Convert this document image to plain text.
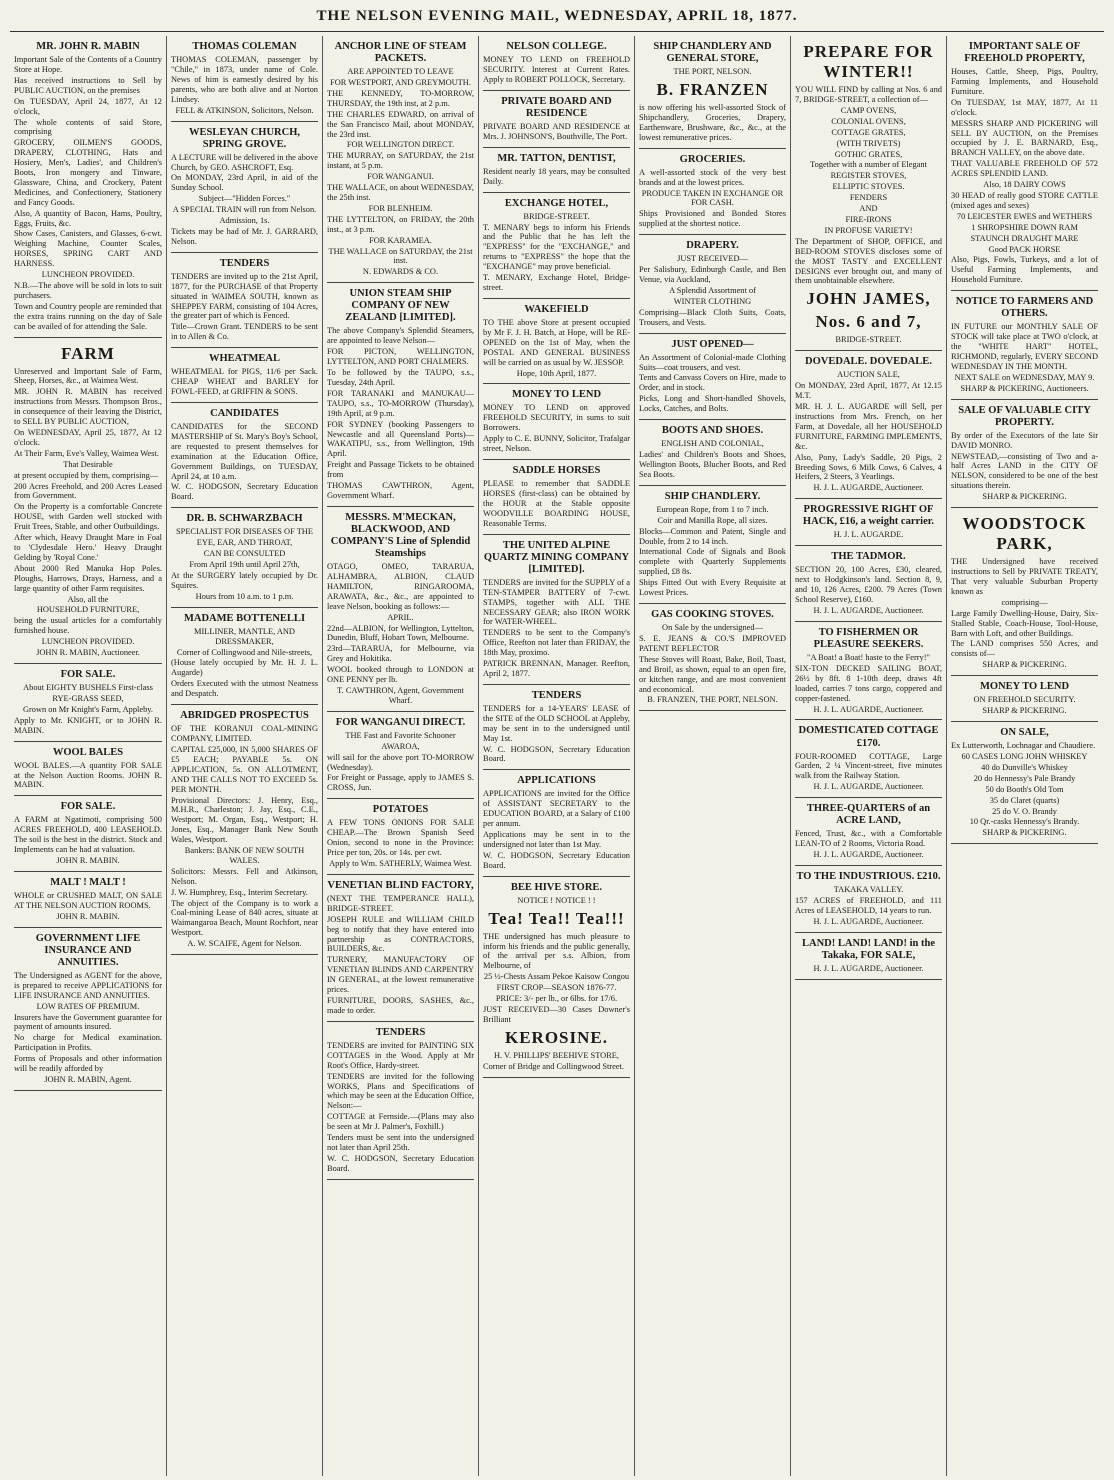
THE NELSON EVENING MAIL, WEDNESDAY, APRIL 18, 1877.
MR. JOHN R. MABIN

Important Sale of the Contents of a Country Store at Hope.

Has received instructions to Sell by PUBLIC AUCTION, on the premises

On TUESDAY, April 24, 1877, At 12 o'clock,

The whole contents of said Store, comprising

GROCERY, OILMEN'S GOODS, DRAPERY, CLOTHING, Hats and Hosiery, Men's, Ladies', and Children's Boots, Iron mongery and Tinware, Glassware, China, and Crockery, Patent Medicines, and Confectionery, Stationery and Fancy Goods.

Also, A quantity of Bacon, Hams, Poultry, Eggs, Fruits, &c.

Show Cases, Canisters, and Glasses, 6-cwt. Weighing Machine, Counter Scales, HORSES, SPRING CART AND HARNESS.

LUNCHEON PROVIDED.

N.B.—The above will be sold in lots to suit purchasers.

Town and Country people are reminded that the extra trains running on the day of Sale can be availed of for attending the Sale.

FARM

Unreserved and Important Sale of Farm, Sheep, Horses, &c., at Waimea West.

MR. JOHN R. MABIN has received instructions from Messrs. Thompson Bros., in consequence of their leaving the District, to SELL BY PUBLIC AUCTION,

On WEDNESDAY, April 25, 1877, At 12 o'clock.

At Their Farm, Eve's Valley, Waimea West.

That Desirable

at present occupied by them, comprising—

200 Acres Freehold, and 200 Acres Leased from Government.

On the Property is a comfortable Concrete HOUSE, with Garden well stocked with Fruit Trees, Stable, and other Outbuildings.

After which, Heavy Draught Mare in Foal to 'Clydesdale Hero.' Heavy Draught Gelding by 'Royal Cone.'

About 2000 Red Manuka Hop Poles. Ploughs, Harrows, Drays, Harness, and a large quantity of other Farm requisites.

Also, all the

HOUSEHOLD FURNITURE,

being the usual articles for a comfortably furnished house.

LUNCHEON PROVIDED.

JOHN R. MABIN, Auctioneer.

FOR SALE.

About EIGHTY BUSHELS First-class

RYE-GRASS SEED,

Grown on Mr Knight's Farm, Appleby.

Apply to Mr. KNIGHT, or to JOHN R. MABIN.

WOOL BALES

WOOL BALES.—A quantity FOR SALE at the Nelson Auction Rooms. JOHN R. MABIN.

FOR SALE.

A FARM at Ngatimoti, comprising 500 ACRES FREEHOLD, 400 LEASEHOLD. The soil is the best in the district. Stock and Implements can be had at valuation.

JOHN R. MABIN.

MALT ! MALT !

WHOLE or CRUSHED MALT, ON SALE AT THE NELSON AUCTION ROOMS.

JOHN R. MABIN.

GOVERNMENT LIFE INSURANCE AND ANNUITIES.

The Undersigned as AGENT for the above, is prepared to receive APPLICATIONS for LIFE INSURANCE AND ANNUITIES.

LOW RATES OF PREMIUM.

Insurers have the Government guarantee for payment of amounts insured.

No charge for Medical examination. Participation in Profits.

Forms of Proposals and other information will be readily afforded by

JOHN R. MABIN, Agent.

THOMAS COLEMAN

THOMAS COLEMAN, passenger by "Chile," in 1873, under name of Cole. News of him is earnestly desired by his parents, who are both alive and at Norton Lindsey.

FELL & ATKINSON, Solicitors, Nelson.

WESLEYAN CHURCH, SPRING GROVE.

A LECTURE will be delivered in the above Church, by GEO. ASHCROFT, Esq.

On MONDAY, 23rd April, in aid of the Sunday School.

Subject—"Hidden Forces."

A SPECIAL TRAIN will run from Nelson.

Admission, 1s.

Tickets may be had of Mr. J. GARRARD, Nelson.

TENDERS

TENDERS are invited up to the 21st April, 1877, for the PURCHASE of that Property situated in WAIMEA SOUTH, known as SHEPPEY FARM, consisting of 104 Acres, the greater part of which is Fenced.

Title—Crown Grant. TENDERS to be sent in to Allen & Co.

WHEATMEAL

WHEATMEAL for PIGS, 11/6 per Sack. CHEAP WHEAT and BARLEY for FOWL-FEED, at GRIFFIN & SONS.

CANDIDATES

CANDIDATES for the SECOND MASTERSHIP of St. Mary's Boy's School, are requested to present themselves for examination at the Education Office, Government Buildings, on TUESDAY, April 24, at 10 a.m.

W. C. HODGSON, Secretary Education Board.

DR. B. SCHWARZBACH

SPECIALIST FOR DISEASES OF THE

EYE, EAR, AND THROAT,

CAN BE CONSULTED

From April 19th until April 27th,

At the SURGERY lately occupied by Dr. Squires.

Hours from 10 a.m. to 1 p.m.

MADAME BOTTENELLI

MILLINER, MANTLE, AND DRESSMAKER,

Corner of Collingwood and Nile-streets,

(House lately occupied by Mr. H. J. L. Augarde)

Orders Executed with the utmost Neatness and Despatch.

ABRIDGED PROSPECTUS

OF THE KORANUI COAL-MINING COMPANY, LIMITED.

CAPITAL £25,000, IN 5,000 SHARES OF £5 EACH; PAYABLE 5s. ON APPLICATION, 5s. ON ALLOTMENT, AND THE CALLS NOT TO EXCEED 5s. PER MONTH.

Provisional Directors: J. Henry, Esq., M.H.R., Charleston; J. Jay, Esq., C.E., Westport; M. Organ, Esq., Westport; H. Jones, Esq., Manager Bank New South Wales, Westport.

Bankers: BANK OF NEW SOUTH WALES.

Solicitors: Messrs. Fell and Atkinson, Nelson.

J. W. Humphrey, Esq., Interim Secretary.

The object of the Company is to work a Coal-mining Lease of 840 acres, situate at Waimangaroa Beach, Mount Rochfort, near Westport.

A. W. SCAIFE, Agent for Nelson.

ANCHOR LINE OF STEAM PACKETS.

ARE APPOINTED TO LEAVE

FOR WESTPORT, AND GREYMOUTH.

THE KENNEDY, TO-MORROW, THURSDAY, the 19th inst, at 2 p.m.

THE CHARLES EDWARD, on arrival of the San Francisco Mail, about MONDAY, the 23rd inst.

FOR WELLINGTON DIRECT.

THE MURRAY, on SATURDAY, the 21st instant, at 5 p.m.

FOR WANGANUI.

THE WALLACE, on about WEDNESDAY, the 25th inst.

FOR BLENHEIM.

THE LYTTELTON, on FRIDAY, the 20th inst., at 3 p.m.

FOR KARAMEA.

THE WALLACE on SATURDAY, the 21st inst.

N. EDWARDS & CO.

UNION STEAM SHIP COMPANY OF NEW ZEALAND [LIMITED].

The above Company's Splendid Steamers, are appointed to leave Nelson—

FOR PICTON, WELLINGTON, LYTTELTON, AND PORT CHALMERS.

To be followed by the TAUPO, s.s., Tuesday, 24th April.

FOR TARANAKI and MANUKAU—TAUPO, s.s., TO-MORROW (Thursday), 19th April, at 9 p.m.

FOR SYDNEY (booking Passengers to Newcastle and all Queensland Ports)—WAKATIPU, s.s., from Wellington, 19th April.

Freight and Passage Tickets to be obtained from

THOMAS CAWTHRON, Agent, Government Wharf.

MESSRS. M'MECKAN, BLACKWOOD, AND COMPANY'S Line of Splendid Steamships

OTAGO, OMEO, TARARUA, ALHAMBRA, ALBION, CLAUD HAMILTON, RINGAROOMA, ARAWATA, &c., &c., are appointed to leave Nelson, booking as follows:—

APRIL.

22nd—ALBION, for Wellington, Lyttelton, Dunedin, Bluff, Hobart Town, Melbourne.

23rd—TARARUA, for Melbourne, via Grey and Hokitika.

WOOL booked through to LONDON at ONE PENNY per lb.

T. CAWTHRON, Agent, Government Wharf.

FOR WANGANUI DIRECT.

THE Fast and Favorite Schooner

AWAROA,

will sail for the above port TO-MORROW (Wednesday).

For Freight or Passage, apply to JAMES S. CROSS, Jun.

POTATOES

A FEW TONS ONIONS FOR SALE CHEAP.—The Brown Spanish Seed Onion, second to none in the Province: Price per ton, 20s. or 14s. per cwt.

Apply to Wm. SATHERLY, Waimea West.

VENETIAN BLIND FACTORY,

(NEXT THE TEMPERANCE HALL), BRIDGE-STREET.

JOSEPH RULE and WILLIAM CHILD beg to notify that they have entered into partnership as CONTRACTORS, BUILDERS, &c.

TURNERY, MANUFACTORY OF VENETIAN BLINDS AND CARPENTRY IN GENERAL, at the lowest remunerative prices.

FURNITURE, DOORS, SASHES, &c., made to order.

TENDERS

TENDERS are invited for PAINTING SIX COTTAGES in the Wood. Apply at Mr Root's Office, Hardy-street.

TENDERS are invited for the following WORKS, Plans and Specifications of which may be seen at the Education Office, Nelson:—

COTTAGE at Fernside.—(Plans may also be seen at Mr J. Palmer's, Foxhill.)

Tenders must be sent into the undersigned not later than April 25th.

W. C. HODGSON, Secretary Education Board.

NELSON COLLEGE.

MONEY TO LEND on FREEHOLD SECURITY. Interest at Current Rates. Apply to ROBERT POLLOCK, Secretary.

PRIVATE BOARD AND RESIDENCE

PRIVATE BOARD AND RESIDENCE at Mrs. J. JOHNSON'S, Bouthville, The Port.

MR. TATTON, DENTIST,

Resident nearly 18 years, may be consulted Daily.

EXCHANGE HOTEL,

BRIDGE-STREET.

T. MENARY begs to inform his Friends and the Public that he has left the "EXPRESS" for the "EXCHANGE," and returns to "EXPRESS" the hope that the "EXCHANGE" may prove beneficial.

T. MENARY, Exchange Hotel, Bridge-street.

WAKEFIELD

TO THE above Store at present occupied by Mr F. J. H. Batch, at Hope, will be RE-OPENED on the 1st of May, when the POSTAL AND GENERAL BUSINESS will be carried on as usual by W. JESSOP.

Hope, 10th April, 1877.

MONEY TO LEND

MONEY TO LEND on approved FREEHOLD SECURITY, in sums to suit Borrowers.

Apply to C. E. BUNNY, Solicitor, Trafalgar street, Nelson.

SADDLE HORSES

PLEASE to remember that SADDLE HORSES (first-class) can be obtained by the HOUR at the Stable opposite WOODVILLE BOARDING HOUSE, Reasonable Terms.

THE UNITED ALPINE QUARTZ MINING COMPANY [LIMITED].

TENDERS are invited for the SUPPLY of a TEN-STAMPER BATTERY of 7-cwt. STAMPS, together with ALL THE NECESSARY GEAR; also IRON WORK for WATER-WHEEL.

TENDERS to be sent to the Company's Office, Reefton not later than FRIDAY, the 18th May, proximo.

PATRICK BRENNAN, Manager. Reefton, April 2, 1877.

TENDERS

TENDERS for a 14-YEARS' LEASE of the SITE of the OLD SCHOOL at Appleby, may be sent in to the undersigned until May 1st.

W. C. HODGSON, Secretary Education Board.

APPLICATIONS

APPLICATIONS are invited for the Office of ASSISTANT SECRETARY to the EDUCATION BOARD, at a Salary of £100 per annum.

Applications may be sent in to the undersigned not later than 1st May.

W. C. HODGSON, Secretary Education Board.

BEE HIVE STORE.

NOTICE ! NOTICE ! !

Tea! Tea!! Tea!!!

THE undersigned has much pleasure to inform his friends and the public generally, of the arrival per s.s. Albion, from Melbourne, of

25 ½-Chests Assam Pekoe Kaisow Congou

FIRST CROP—SEASON 1876-77.

PRICE: 3/- per lb., or 6lbs. for 17/6.

JUST RECEIVED—30 Cases Downer's Brilliant

KEROSINE.

H. V. PHILLIPS' BEEHIVE STORE,

Corner of Bridge and Collingwood Street.

SHIP CHANDLERY AND GENERAL STORE,

THE PORT, NELSON.

B. FRANZEN

is now offering his well-assorted Stock of Shipchandlery, Groceries, Drapery, Earthenware, Brushware, &c., &c., at the lowest remunerative prices.

GROCERIES.

A well-assorted stock of the very best brands and at the lowest prices.

PRODUCE TAKEN IN EXCHANGE OR FOR CASH.

Ships Provisioned and Bonded Stores supplied at the shortest notice.

DRAPERY.

JUST RECEIVED—

Per Salisbury, Edinburgh Castle, and Ben Venue, via Auckland,

A Splendid Assortment of

WINTER CLOTHING

Comprising—Black Cloth Suits, Coats, Trousers, and Vests.

JUST OPENED—

An Assortment of Colonial-made Clothing Suits—coat trousers, and vest.

Tents and Canvass Covers on Hire, made to Order, and in stock.

Picks, Long and Short-handled Shovels, Locks, Catches, and Bolts.

BOOTS AND SHOES.

ENGLISH AND COLONIAL,

Ladies' and Children's Boots and Shoes, Wellington Boots, Blucher Boots, and Red Sea Boots.

SHIP CHANDLERY.

European Rope, from 1 to 7 inch.

Coir and Manilla Rope, all sizes.

Blocks—Common and Patent, Single and Double, from 2 to 14 inch.

International Code of Signals and Book complete with Quarterly Supplements supplied, £8 8s.

Ships Fitted Out with Every Requisite at Lowest Prices.

GAS COOKING STOVES.

On Sale by the undersigned—

S. E. JEANS & CO.'S IMPROVED PATENT REFLECTOR

These Stoves will Roast, Bake, Boil, Toast, and Broil, as shown, equal to an open fire, or kitchen range, and are most convenient and economical.

B. FRANZEN, THE PORT, NELSON.

PREPARE FOR WINTER!!

YOU WILL FIND by calling at Nos. 6 and 7, BRIDGE-STREET, a collection of—

CAMP OVENS,

COLONIAL OVENS,

COTTAGE GRATES,

(WITH TRIVETS)

GOTHIC GRATES,

Together with a number of Elegant

REGISTER STOVES,

ELLIPTIC STOVES.

FENDERS

AND

FIRE-IRONS

IN PROFUSE VARIETY!

The Department of SHOP, OFFICE, and BED-ROOM STOVES discloses some of the MOST TASTY and EXCELLENT DESIGNS ever brought out, and many of them unobtainable elsewhere.

JOHN JAMES,

Nos. 6 and 7,

BRIDGE-STREET.

DOVEDALE. DOVEDALE.

AUCTION SALE,

On MONDAY, 23rd April, 1877, At 12.15 M.T.

MR. H. J. L. AUGARDE will Sell, per instructions from Mrs. French, on her Farm, at Dovedale, all her HOUSEHOLD FURNITURE, FARMING IMPLEMENTS, &c.

Also, Pony, Lady's Saddle, 20 Pigs, 2 Breeding Sows, 6 Milk Cows, 6 Calves, 4 Heifers, 2 Steers, 3 Yearlings.

H. J. L. AUGARDE, Auctioneer.

PROGRESSIVE RIGHT OF HACK, £16, a weight carrier.

H. J. L. AUGARDE.

THE TADMOR.

SECTION 20, 100 Acres, £30, cleared, next to Hodgkinson's land. Section 8, 9, and 10, 126 Acres, £200. 79 Acres (Town School Reserve), £160.

H. J. L. AUGARDE, Auctioneer.

TO FISHERMEN OR PLEASURE SEEKERS.

"A Boat! a Boat! haste to the Ferry!"

SIX-TON DECKED SAILING BOAT, 26½ by 8ft. 8 1-10th deep, draws 4ft loaded, carries 7 tons cargo, coppered and copper-fastened.

H. J. L. AUGARDE, Auctioneer.

DOMESTICATED COTTAGE £170.

FOUR-ROOMED COTTAGE, Large Garden, 2 ¼ Vincent-street, five minutes walk from the Railway Station.

H. J. L. AUGARDE, Auctioneer.

THREE-QUARTERS of an ACRE LAND,

Fenced, Trust, &c., with a Comfortable LEAN-TO of 2 Rooms, Victoria Road.

H. J. L. AUGARDE, Auctioneer.

TO THE INDUSTRIOUS. £210.

TAKAKA VALLEY.

157 ACRES of FREEHOLD, and 111 Acres of LEASEHOLD, 14 years to run.

H. J. L. AUGARDE, Auctioneer.

LAND! LAND! LAND! in the Takaka, FOR SALE,

H. J. L. AUGARDE, Auctioneer.

IMPORTANT SALE OF FREEHOLD PROPERTY,

Houses, Cattle, Sheep, Pigs, Poultry, Farming Implements, and Household Furniture.

On TUESDAY, 1st MAY, 1877, At 11 o'clock.

MESSRS SHARP AND PICKERING will SELL BY AUCTION, on the Premises occupied by J. E. BARNARD, Esq., BRANCH VALLEY, on the above date.

THAT VALUABLE FREEHOLD OF 572 ACRES SPLENDID LAND.

Also, 18 DAIRY COWS

30 HEAD of really good STORE CATTLE (mixed ages and sexes)

70 LEICESTER EWES and WETHERS

1 SHROPSHIRE DOWN RAM

STAUNCH DRAUGHT MARE

Good PACK HORSE

Also, Pigs, Fowls, Turkeys, and a lot of Useful Farming Implements, and Household Furniture.

NOTICE TO FARMERS AND OTHERS.

IN FUTURE our MONTHLY SALE OF STOCK will take place at TWO o'clock, at the "WHITE HART" HOTEL, RICHMOND, regularly, EVERY SECOND WEDNESDAY IN THE MONTH.

NEXT SALE on WEDNESDAY, MAY 9.

SHARP & PICKERING, Auctioneers.

SALE OF VALUABLE CITY PROPERTY.

By order of the Executors of the late Sir DAVID MONRO.

NEWSTEAD,—consisting of Two and a-half Acres LAND in the CITY OF NELSON, considered to be one of the best situations therein.

SHARP & PICKERING.

WOODSTOCK PARK,

THE Undersigned have received instructions to Sell by PRIVATE TREATY, That very valuable Suburban Property known as

comprising—

Large Family Dwelling-House, Dairy, Six-Stalled Stable, Coach-House, Tool-House, Barn with Loft, and other Buildings.

The LAND comprises 550 Acres, and consists of—

SHARP & PICKERING.

MONEY TO LEND

ON FREEHOLD SECURITY.

SHARP & PICKERING.

ON SALE,

Ex Lutterworth, Lochnagar and Chaudiere.

60 CASES LONG JOHN WHISKEY

40 do Dunville's Whiskey

20 do Hennessy's Pale Brandy

50 do Booth's Old Tom

35 do Claret (quarts)

25 do V. O. Brandy

10 Qr.-casks Hennessy's Brandy.

SHARP & PICKERING.
